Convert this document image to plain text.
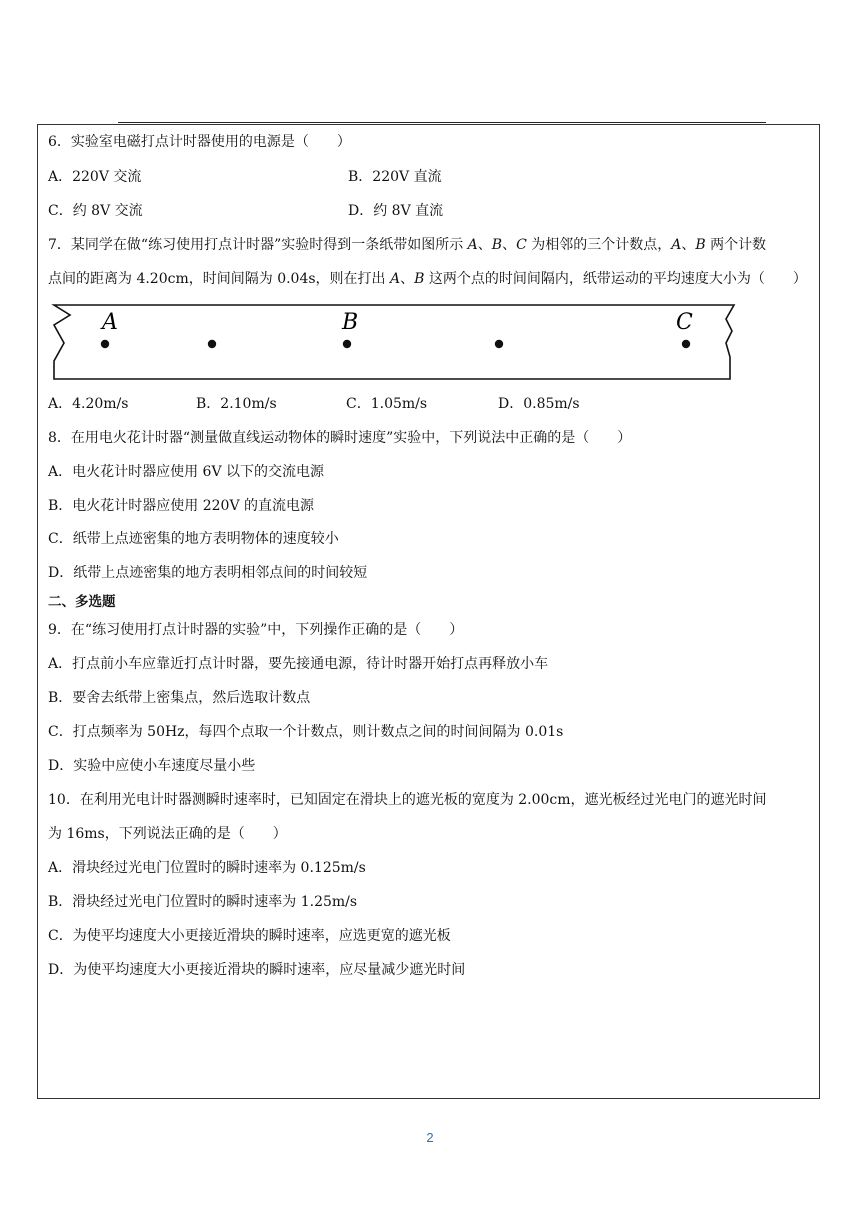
6．实验室电磁打点计时器使用的电源是（　　）
A．220V 交流	B．220V 直流
C．约 8V 交流	D．约 8V 直流
7．某同学在做“练习使用打点计时器”实验时得到一条纸带如图所示 A、B、C 为相邻的三个计数点，A、B 两个计数
点间的距离为 4.20cm，时间间隔为 0.04s，则在打出 A、B 这两个点的时间间隔内，纸带运动的平均速度大小为（　　）
A	B	C
A．4.20m/s	B．2.10m/s	C．1.05m/s	D．0.85m/s
8．在用电火花计时器“测量做直线运动物体的瞬时速度”实验中，下列说法中正确的是（　　）
A．电火花计时器应使用 6V 以下的交流电源
B．电火花计时器应使用 220V 的直流电源
C．纸带上点迹密集的地方表明物体的速度较小
D．纸带上点迹密集的地方表明相邻点间的时间较短
二、多选题
9．在“练习使用打点计时器的实验”中，下列操作正确的是（　　）
A．打点前小车应靠近打点计时器，要先接通电源，待计时器开始打点再释放小车
B．要舍去纸带上密集点，然后选取计数点
C．打点频率为 50Hz，每四个点取一个计数点，则计数点之间的时间间隔为 0.01s
D．实验中应使小车速度尽量小些
10．在利用光电计时器测瞬时速率时，已知固定在滑块上的遮光板的宽度为 2.00cm，遮光板经过光电门的遮光时间
为 16ms，下列说法正确的是（　　）
A．滑块经过光电门位置时的瞬时速率为 0.125m/s
B．滑块经过光电门位置时的瞬时速率为 1.25m/s
C．为使平均速度大小更接近滑块的瞬时速率，应选更宽的遮光板
D．为使平均速度大小更接近滑块的瞬时速率，应尽量减少遮光时间
2
